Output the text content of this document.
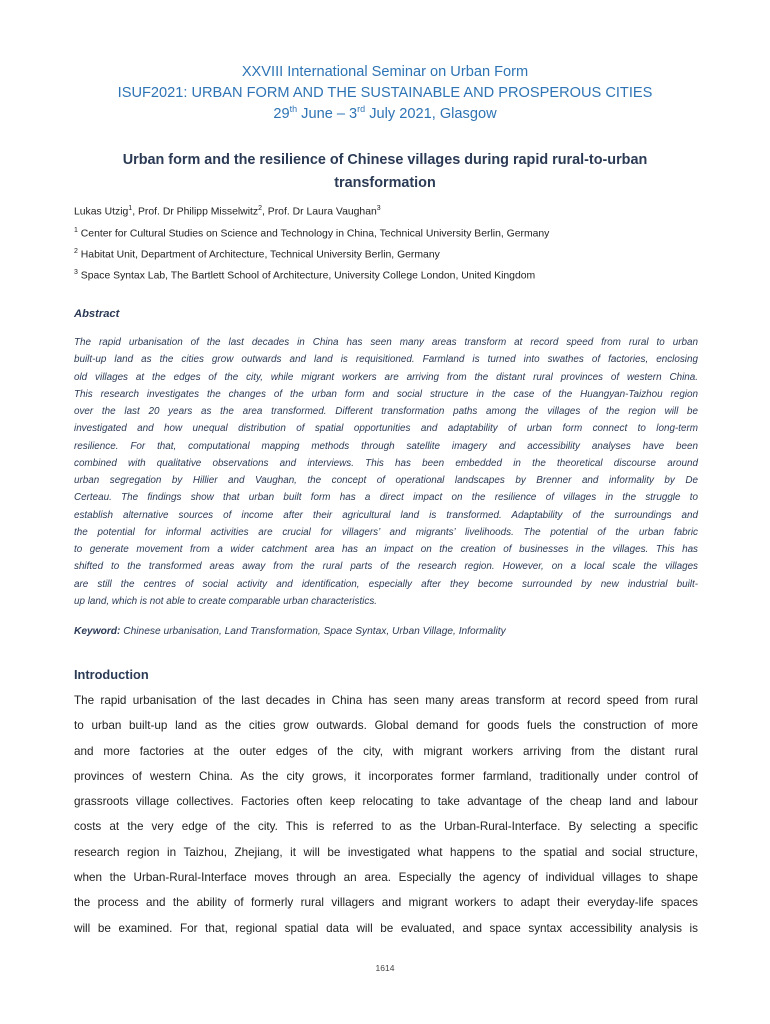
XXVIII International Seminar on Urban Form
ISUF2021: URBAN FORM AND THE SUSTAINABLE AND PROSPEROUS CITIES
29th June – 3rd July 2021, Glasgow
Urban form and the resilience of Chinese villages during rapid rural-to-urban
transformation
Lukas Utzig$^1$, Prof. Dr Philipp Misselwitz$^2$, Prof. Dr Laura Vaughan$^3$
$^1$ Center for Cultural Studies on Science and Technology in China, Technical University Berlin, Germany
$^2$ Habitat Unit, Department of Architecture, Technical University Berlin, Germany
$^3$ Space Syntax Lab, The Bartlett School of Architecture, University College London, United Kingdom
Abstract
The rapid urbanisation of the last decades in China has seen many areas transform at record speed from rural to urban
built-up land as the cities grow outwards and land is requisitioned. Farmland is turned into swathes of factories, enclosing
old villages at the edges of the city, while migrant workers are arriving from the distant rural provinces of western China.
This research investigates the changes of the urban form and social structure in the case of the Huangyan-Taizhou region
over the last 20 years as the area transformed. Different transformation paths among the villages of the region will be
investigated and how unequal distribution of spatial opportunities and adaptability of urban form connect to long-term
resilience. For that, computational mapping methods through satellite imagery and accessibility analyses have been
combined with qualitative observations and interviews. This has been embedded in the theoretical discourse around
urban segregation by Hillier and Vaughan, the concept of operational landscapes by Brenner and informality by De
Certeau. The findings show that urban built form has a direct impact on the resilience of villages in the struggle to
establish alternative sources of income after their agricultural land is transformed. Adaptability of the surroundings and
the potential for informal activities are crucial for villagers’ and migrants’ livelihoods. The potential of the urban fabric
to generate movement from a wider catchment area has an impact on the creation of businesses in the villages. This has
shifted to the transformed areas away from the rural parts of the research region. However, on a local scale the villages
are still the centres of social activity and identification, especially after they become surrounded by new industrial built-
up land, which is not able to create comparable urban characteristics.
Keyword: Chinese urbanisation, Land Transformation, Space Syntax, Urban Village, Informality
Introduction
The rapid urbanisation of the last decades in China has seen many areas transform at record speed from rural
to urban built-up land as the cities grow outwards. Global demand for goods fuels the construction of more
and more factories at the outer edges of the city, with migrant workers arriving from the distant rural
provinces of western China. As the city grows, it incorporates former farmland, traditionally under control of
grassroots village collectives. Factories often keep relocating to take advantage of the cheap land and labour
costs at the very edge of the city. This is referred to as the Urban-Rural-Interface. By selecting a specific
research region in Taizhou, Zhejiang, it will be investigated what happens to the spatial and social structure,
when the Urban-Rural-Interface moves through an area. Especially the agency of individual villages to shape
the process and the ability of formerly rural villagers and migrant workers to adapt their everyday-life spaces
will be examined. For that, regional spatial data will be evaluated, and space syntax accessibility analysis is
1614
